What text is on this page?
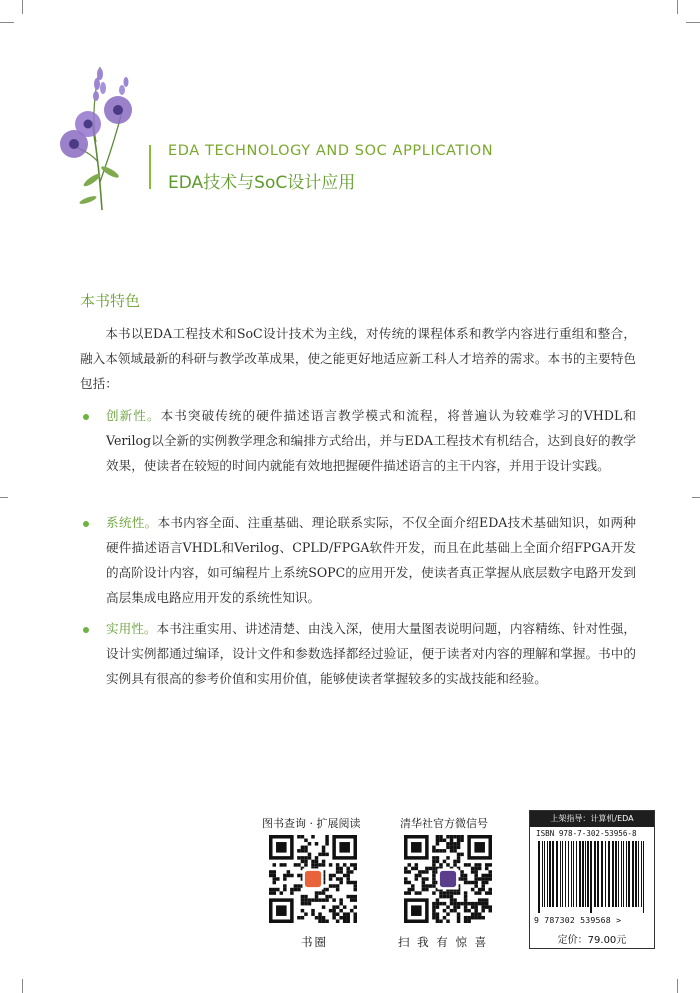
EDA TECHNOLOGY AND SOC APPLICATION
EDA技术与SoC设计应用
本书特色
本书以EDA工程技术和SoC设计技术为主线，对传统的课程体系和教学内容进行重组和整合，融入本领域最新的科研与教学改革成果，使之能更好地适应新工科人才培养的需求。本书的主要特色包括：
创新性。本书突破传统的硬件描述语言教学模式和流程，将普遍认为较难学习的VHDL和Verilog以全新的实例教学理念和编排方式给出，并与EDA工程技术有机结合，达到良好的教学效果，使读者在较短的时间内就能有效地把握硬件描述语言的主干内容，并用于设计实践。
系统性。本书内容全面、注重基础、理论联系实际，不仅全面介绍EDA技术基础知识，如两种硬件描述语言VHDL和Verilog、CPLD/FPGA软件开发，而且在此基础上全面介绍FPGA开发的高阶设计内容，如可编程片上系统SOPC的应用开发，使读者真正掌握从底层数字电路开发到高层集成电路应用开发的系统性知识。
实用性。本书注重实用、讲述清楚、由浅入深，使用大量图表说明问题，内容精练、针对性强，设计实例都通过编译，设计文件和参数选择都经过验证，便于读者对内容的理解和掌握。书中的实例具有很高的参考价值和实用价值，能够使读者掌握较多的实战技能和经验。
图书查询 · 扩展阅读
书圈
清华社官方微信号
扫 我 有 惊 喜
上架指导：计算机/EDA
ISBN 978-7-302-53956-8
9 787302 539568 >
定价：79.00元
